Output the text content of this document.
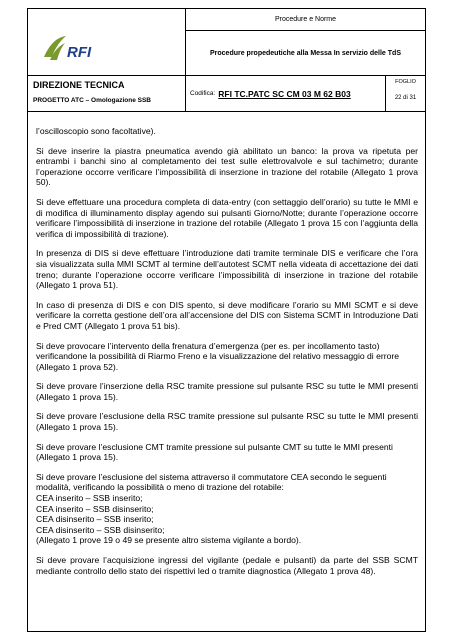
RFI
Procedure e Norme
Procedure propedeutiche alla Messa In servizio delle TdS
DIREZIONE TECNICA
PROGETTO ATC – Omologazione SSB
Codifica: RFI TC.PATC SC CM 03 M 62 B03
FOGLIO
22 di 31

l’oscilloscopio sono facoltative).

Si deve inserire la piastra pneumatica avendo già abilitato un banco: la prova va ripetuta per entrambi i banchi sino al completamento dei test sulle elettrovalvole e sul tachimetro; durante l’operazione occorre verificare l’impossibilità di inserzione in trazione del rotabile (Allegato 1 prova 50).

Si deve effettuare una procedura completa di data-entry (con settaggio dell’orario) su tutte le MMI e di modifica di illuminamento display agendo sui pulsanti Giorno/Notte; durante l’operazione occorre verificare l’impossibilità di inserzione in trazione del rotabile (Allegato 1 prova 15 con l’aggiunta della verifica di impossibilità di trazione).

In presenza di DIS si deve effettuare l’introduzione dati tramite terminale DIS e verificare che l’ora sia visualizzata sulla MMI SCMT al termine dell’autotest SCMT nella videata di accettazione dei dati treno; durante l’operazione occorre verificare l’impossibilità di inserzione in trazione del rotabile (Allegato 1 prova 51).

In caso di presenza di DIS e con DIS spento, si deve modificare l’orario su MMI SCMT e si deve verificare la corretta gestione dell’ora all’accensione del DIS con Sistema SCMT in Introduzione Dati e Pred CMT (Allegato 1 prova 51 bis).

Si deve provocare l’intervento della frenatura d’emergenza (per es. per incollamento tasto) verificandone la possibilità di Riarmo Freno e la visualizzazione del relativo messaggio di errore (Allegato 1 prova 52).

Si deve provare l’inserzione della RSC tramite pressione sul pulsante RSC su tutte le MMI presenti (Allegato 1 prova 15).

Si deve provare l’esclusione della RSC tramite pressione sul pulsante RSC su tutte le MMI presenti (Allegato 1 prova 15).

Si deve provare l’esclusione CMT tramite pressione sul pulsante CMT su tutte le MMI presenti (Allegato 1 prova 15).

Si deve provare l’esclusione del sistema attraverso il commutatore CEA secondo le seguenti modalità, verificando la possibilità o meno di trazione del rotabile:
CEA inserito – SSB inserito;
CEA inserito – SSB disinserito;
CEA disinserito – SSB inserito;
CEA disinserito – SSB disinserito;
(Allegato 1 prove 19 o 49 se presente altro sistema vigilante a bordo).

Si deve provare l’acquisizione ingressi del vigilante (pedale e pulsanti) da parte del SSB SCMT mediante controllo dello stato dei rispettivi led o tramite diagnostica (Allegato 1 prova 48).
